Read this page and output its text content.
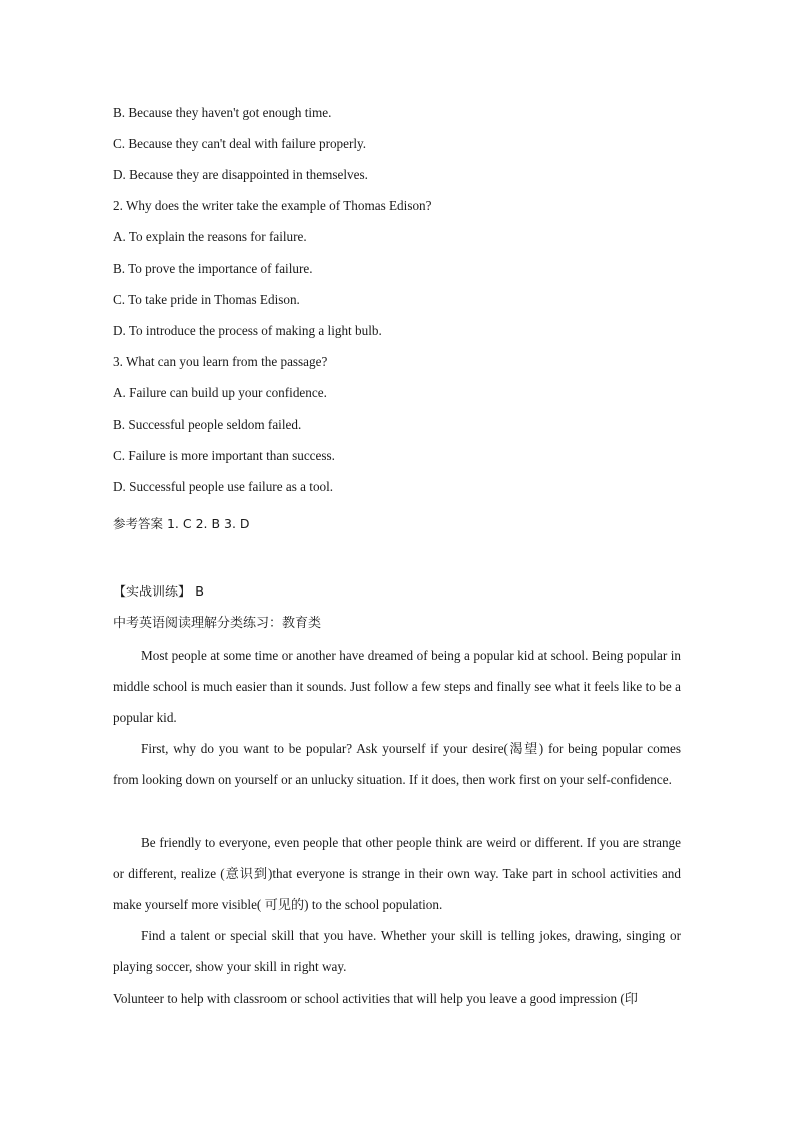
B. Because they haven't got enough time.
C. Because they can't deal with failure properly.
D. Because they are disappointed in themselves.
2. Why does the writer take the example of Thomas Edison?
A. To explain the reasons for failure.
B. To prove the importance of failure.
C. To take pride in Thomas Edison.
D. To introduce the process of making a light bulb.
3. What can you learn from the passage?
A. Failure can build up your confidence.
B. Successful people seldom failed.
C. Failure is more important than success.
D. Successful people use failure as a tool.
参考答案 1. C 2. B 3. D
【实战训练】 B
中考英语阅读理解分类练习：教育类
Most people at some time or another have dreamed of being a popular kid at school. Being popular in middle school is much easier than it sounds. Just follow a few steps and finally see what it feels like to be a popular kid.
First, why do you want to be popular? Ask yourself if your desire(渴望) for being popular comes from looking down on yourself or an unlucky situation. If it does, then work first on your self-confidence.
Be friendly to everyone, even people that other people think are weird or different. If you are strange or different, realize (意识到)that everyone is strange in their own way. Take part in school activities and make yourself more visible( 可见的) to the school population.
Find a talent or special skill that you have. Whether your skill is telling jokes, drawing, singing or playing soccer, show your skill in right way.
Volunteer to help with classroom or school activities that will help you leave a good impression (印
